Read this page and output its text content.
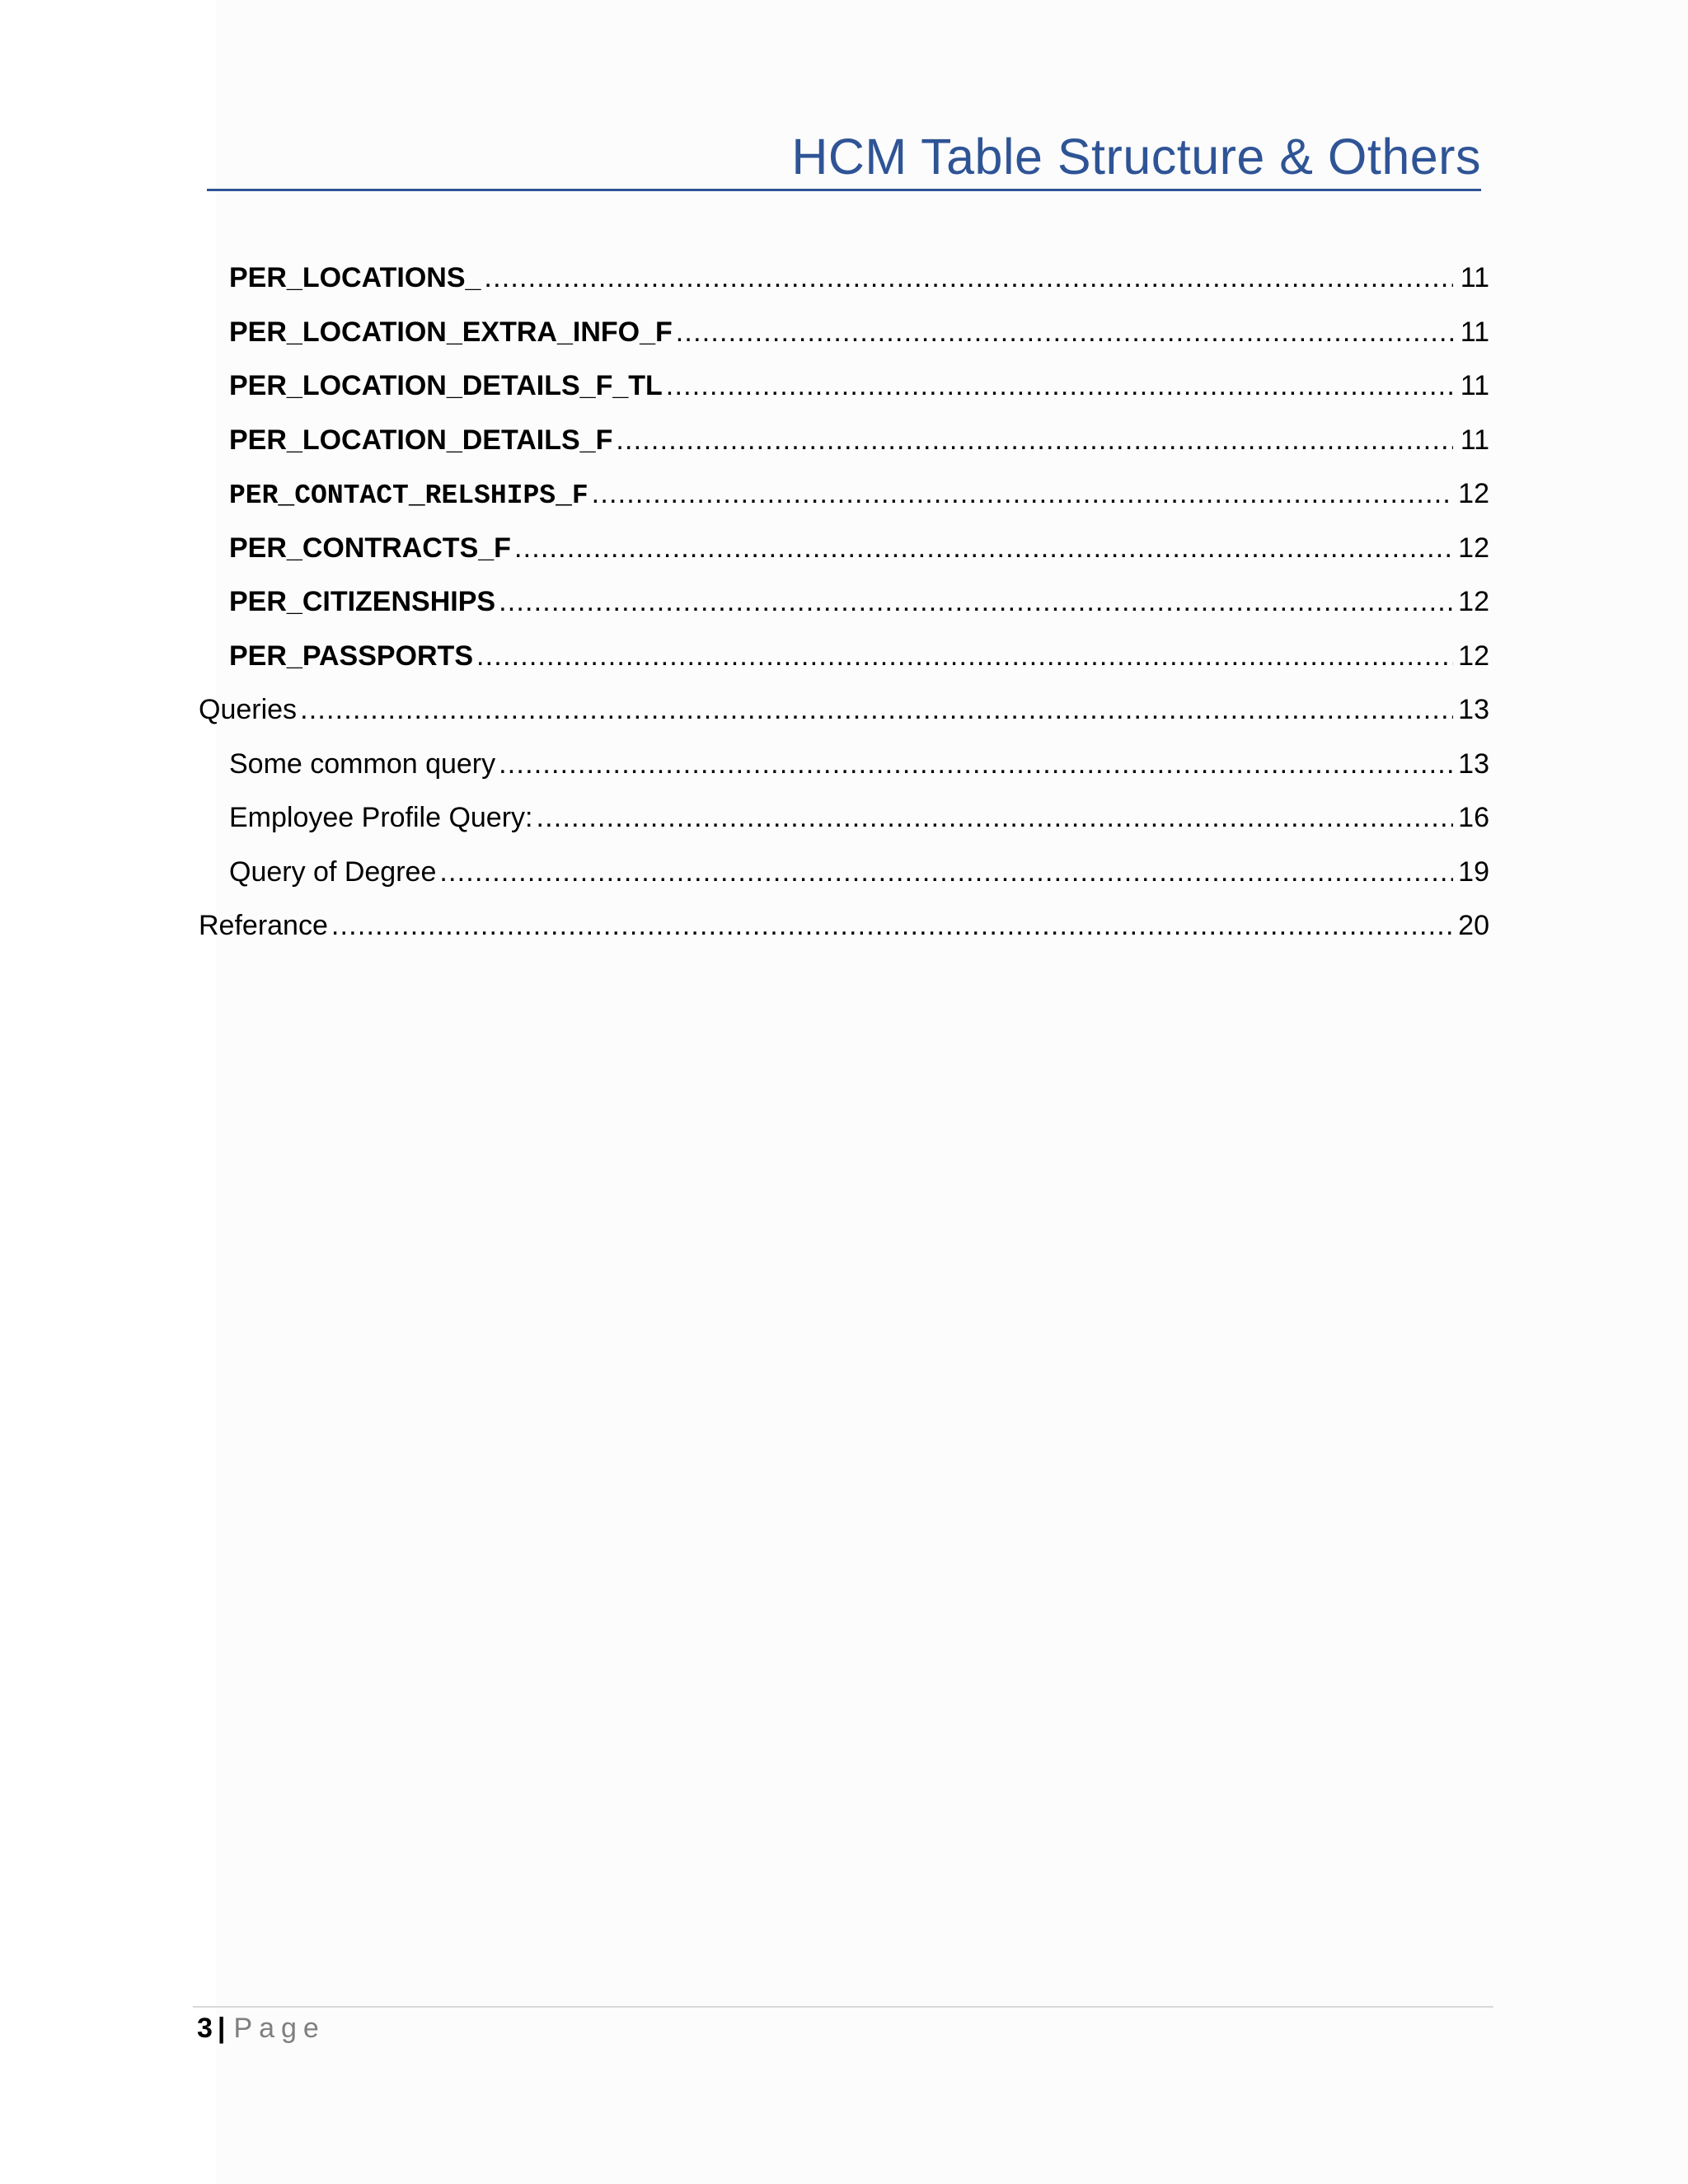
HCM Table Structure & Others
PER_LOCATIONS_ .....	11
PER_LOCATION_EXTRA_INFO_F .....	11
PER_LOCATION_DETAILS_F_TL .....	11
PER_LOCATION_DETAILS_F .....	11
PER_CONTACT_RELSHIPS_F .....	12
PER_CONTRACTS_F .....	12
PER_CITIZENSHIPS .....	12
PER_PASSPORTS .....	12
Queries .....	13
Some common query .....	13
Employee Profile Query: .....	16
Query of Degree .....	19
Referance .....	20
3 | Page
